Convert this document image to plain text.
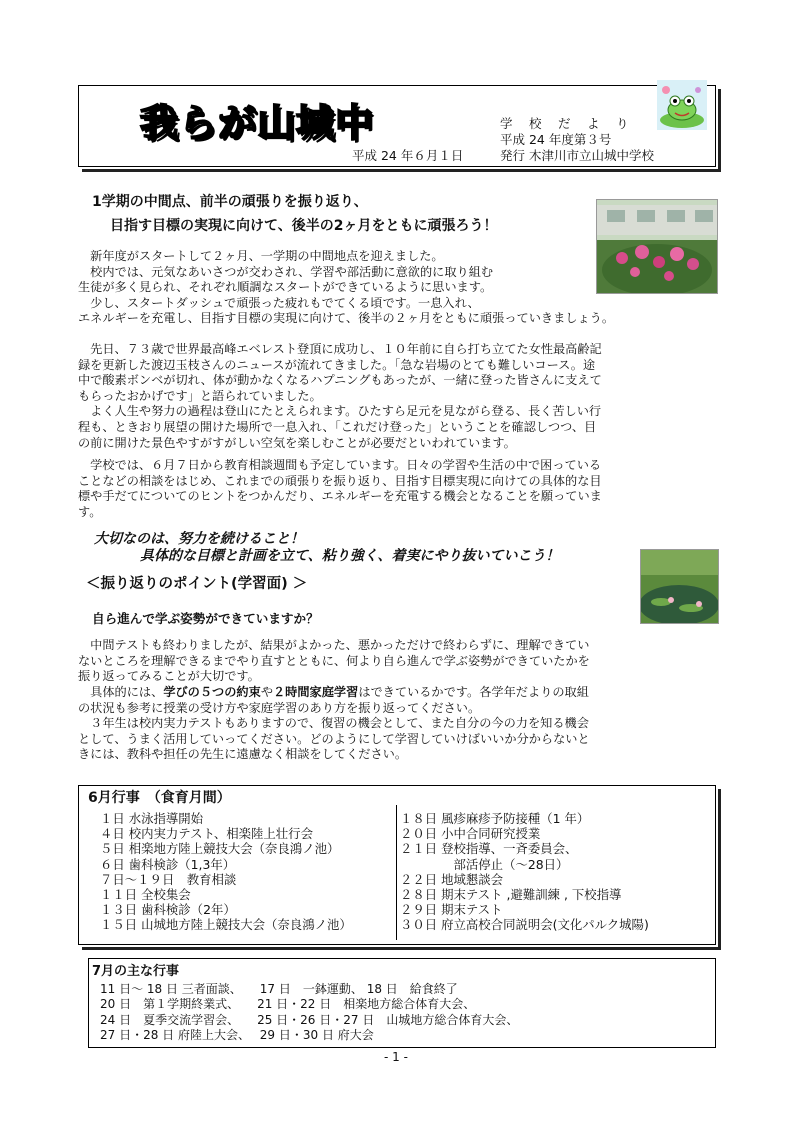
我らが山城中	学　校　だ　よ　り
平成 24 年度第３号
平成 24 年６月１日	発行 木津川市立山城中学校
1学期の中間点、前半の頑張りを振り返り、
目指す目標の実現に向けて、後半の2ヶ月をともに頑張ろう！

　新年度がスタートして２ヶ月、一学期の中間地点を迎えました。

　校内では、元気なあいさつが交わされ、学習や部活動に意欲的に取り組む

生徒が多く見られ、それぞれ順調なスタートができているように思います。

　少し、スタートダッシュで頑張った疲れもでてくる頃です。一息入れ、

エネルギーを充電し、目指す目標の実現に向けて、後半の２ヶ月をともに頑張っていきましょう。

　先日、７３歳で世界最高峰エベレスト登頂に成功し、１０年前に自ら打ち立てた女性最高齢記

録を更新した渡辺玉枝さんのニュースが流れてきました。「急な岩場のとても難しいコース。途

中で酸素ボンベが切れ、体が動かなくなるハプニングもあったが、一緒に登った皆さんに支えて

もらったおかげです」と語られていました。

　よく人生や努力の過程は登山にたとえられます。ひたすら足元を見ながら登る、長く苦しい行

程も、ときおり展望の開けた場所で一息入れ、「これだけ登った」ということを確認しつつ、目

の前に開けた景色やすがすがしい空気を楽しむことが必要だといわれています。

　学校では、６月７日から教育相談週間も予定しています。日々の学習や生活の中で困っている

ことなどの相談をはじめ、これまでの頑張りを振り返り、目指す目標実現に向けての具体的な目

標や手だてについてのヒントをつかんだり、エネルギーを充電する機会となることを願っていま

す。

大切なのは、努力を続けること！
具体的な目標と計画を立て、粘り強く、着実にやり抜いていこう！
＜振り返りのポイント(学習面) ＞
自ら進んで学ぶ姿勢ができていますか？

　中間テストも終わりましたが、結果がよかった、悪かっただけで終わらずに、理解できてい

ないところを理解できるまでやり直すとともに、何より自ら進んで学ぶ姿勢ができていたかを

振り返ってみることが大切です。

　具体的には、学びの５つの約束や２時間家庭学習はできているかです。各学年だよりの取組

の状況も参考に授業の受け方や家庭学習のあり方を振り返ってください。

　３年生は校内実力テストもありますので、復習の機会として、また自分の今の力を知る機会

として、うまく活用していってください。どのようにして学習していけばいいか分からないと

きには、教科や担任の先生に遠慮なく相談をしてください。

6月行事　（食育月間）
１日 水泳指導開始
４日 校内実力テスト、相楽陸上壮行会
５日 相楽地方陸上競技大会（奈良鴻ノ池）
６日 歯科検診（1,3年）
７日～１９日　教育相談
１１日 全校集会
１３日 歯科検診（2年）
１５日 山城地方陸上競技大会（奈良鴻ノ池）
１８日 風疹麻疹予防接種（1 年）
２０日 小中合同研究授業
２１日 登校指導、一斉委員会、
　　　　 部活停止（～28日）
２２日 地域懇談会
２８日 期末テスト ,避難訓練 , 下校指導
２９日 期末テスト
３０日 府立高校合同説明会(文化パルク城陽)
7月の主な行事
11 日～ 18 日 三者面談、　　17 日　一鉢運動、 18 日　給食終了
20 日　第１学期終業式、　　21 日・22 日　相楽地方総合体育大会、
24 日　夏季交流学習会、　　25 日・26 日・27 日　山城地方総合体育大会、
27 日・28 日 府陸上大会、　 29 日・30 日 府大会
- 1 -
